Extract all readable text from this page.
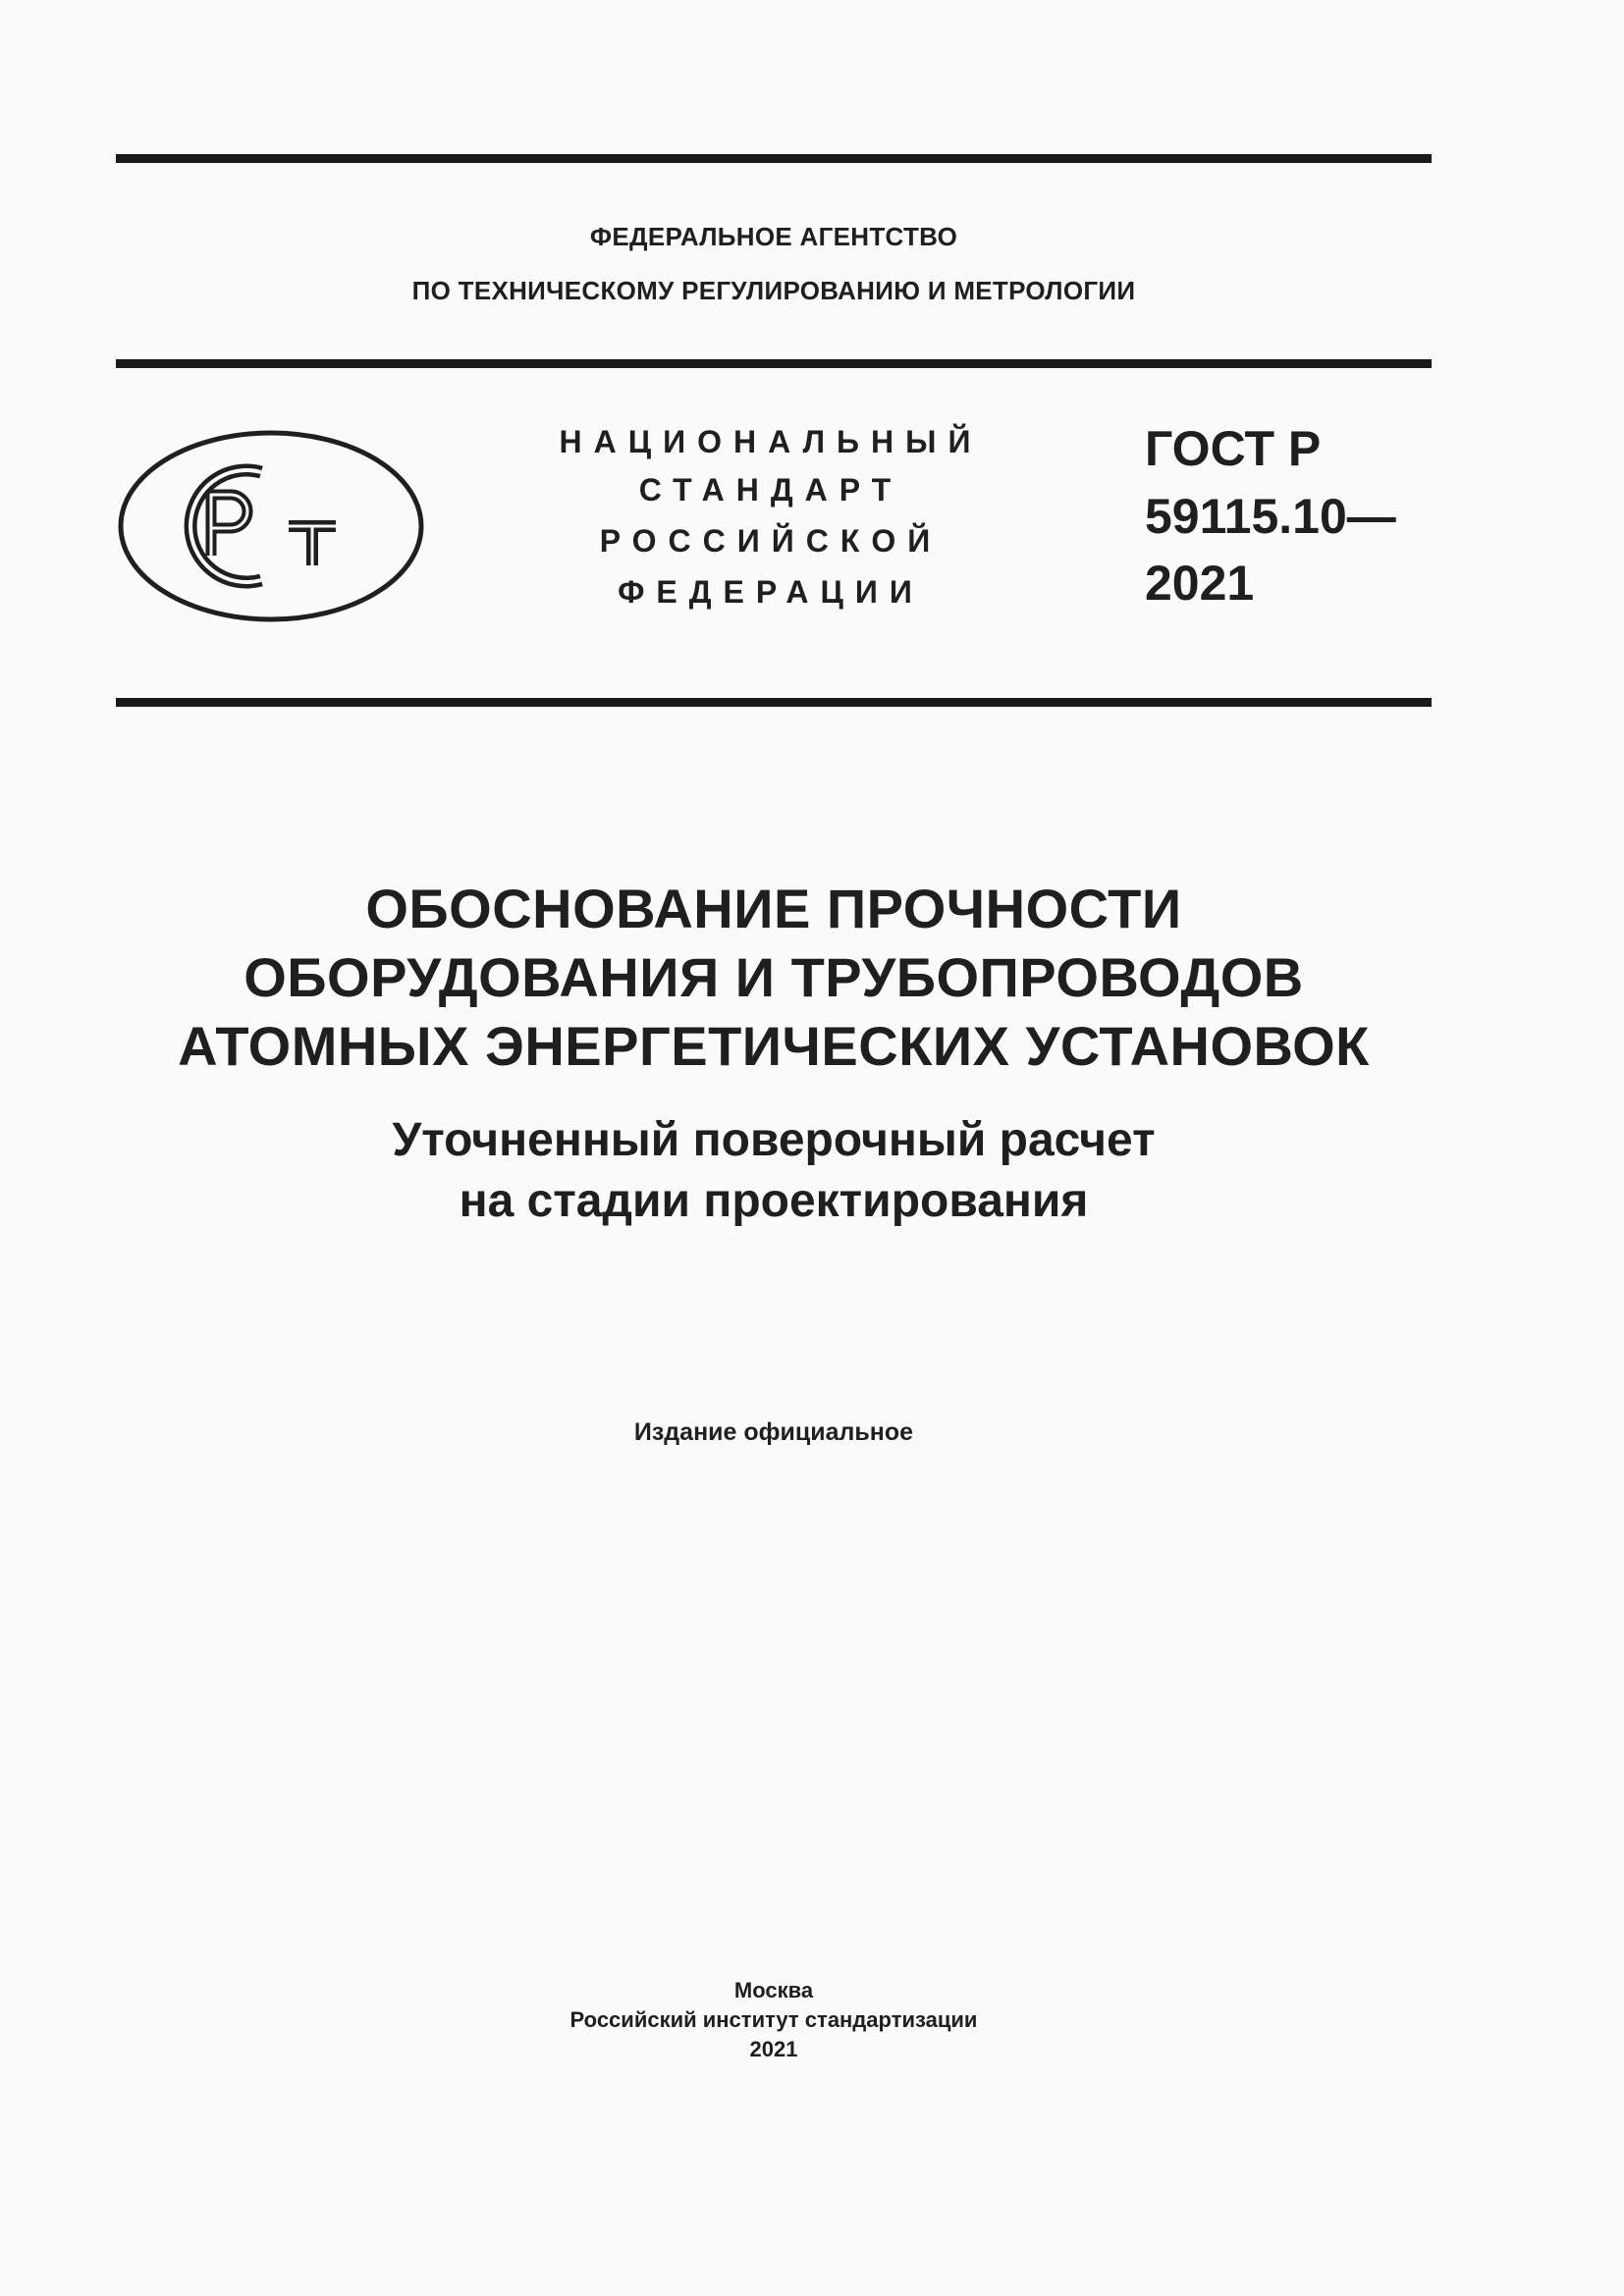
ФЕДЕРАЛЬНОЕ АГЕНТСТВО
ПО ТЕХНИЧЕСКОМУ РЕГУЛИРОВАНИЮ И МЕТРОЛОГИИ
НАЦИОНАЛЬНЫЙ
СТАНДАРТ
РОССИЙСКОЙ
ФЕДЕРАЦИИ
ГОСТ Р
59115.10—
2021
ОБОСНОВАНИЕ ПРОЧНОСТИ
ОБОРУДОВАНИЯ И ТРУБОПРОВОДОВ
АТОМНЫХ ЭНЕРГЕТИЧЕСКИХ УСТАНОВОК
Уточненный поверочный расчет
на стадии проектирования
Издание официальное
Москва
Российский институт стандартизации
2021
